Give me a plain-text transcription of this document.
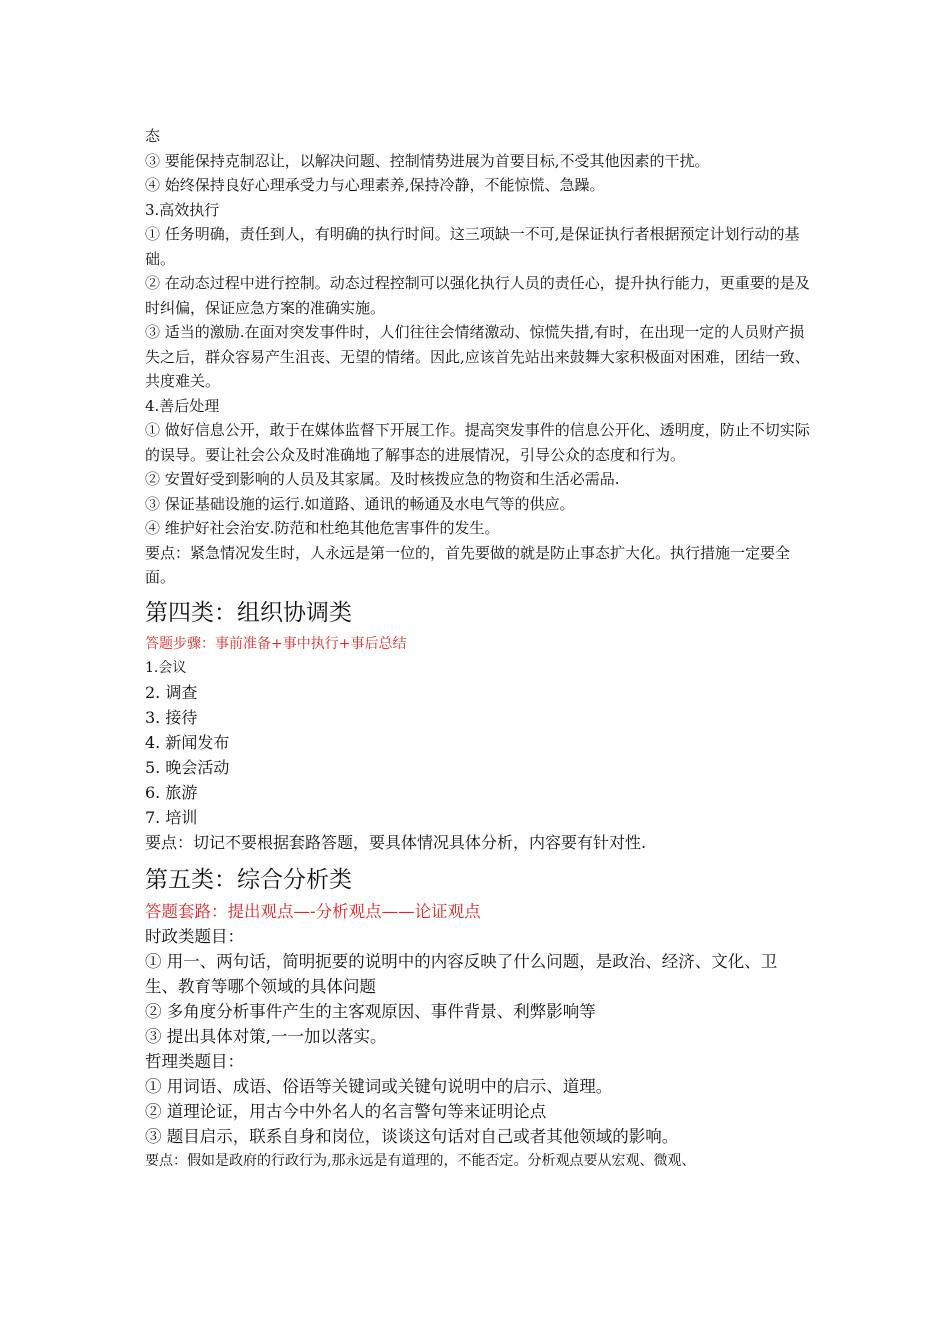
态

③ 要能保持克制忍让，以解决问题、控制情势进展为首要目标,不受其他因素的干扰。

④ 始终保持良好心理承受力与心理素养,保持冷静，不能惊慌、急躁。

3.高效执行

① 任务明确，责任到人，有明确的执行时间。这三项缺一不可,是保证执行者根据预定计划行动的基础。

② 在动态过程中进行控制。动态过程控制可以强化执行人员的责任心，提升执行能力，更重要的是及时纠偏，保证应急方案的准确实施。

③ 适当的激励.在面对突发事件时，人们往往会情绪激动、惊慌失措,有时，在出现一定的人员财产损失之后，群众容易产生沮丧、无望的情绪。因此,应该首先站出来鼓舞大家积极面对困难，团结一致、共度难关。

4.善后处理

① 做好信息公开，敢于在媒体监督下开展工作。提高突发事件的信息公开化、透明度，防止不切实际的误导。要让社会公众及时准确地了解事态的进展情况，引导公众的态度和行为。

② 安置好受到影响的人员及其家属。及时核拨应急的物资和生活必需品.

③ 保证基础设施的运行.如道路、通讯的畅通及水电气等的供应。

④ 维护好社会治安.防范和杜绝其他危害事件的发生。

要点：紧急情况发生时，人永远是第一位的，首先要做的就是防止事态扩大化。执行措施一定要全面。

第四类：组织协调类

答题步骤：事前准备+事中执行+事后总结

1.会议

2. 调查

3. 接待

4. 新闻发布

5. 晚会活动

6. 旅游

7. 培训

要点：切记不要根据套路答题，要具体情况具体分析，内容要有针对性.

第五类：综合分析类

答题套路：提出观点—-分析观点——论证观点

时政类题目：

① 用一、两句话，简明扼要的说明中的内容反映了什么问题，是政治、经济、文化、卫生、教育等哪个领域的具体问题

② 多角度分析事件产生的主客观原因、事件背景、利弊影响等

③ 提出具体对策,一一加以落实。

哲理类题目：

① 用词语、成语、俗语等关键词或关键句说明中的启示、道理。

② 道理论证，用古今中外名人的名言警句等来证明论点

③ 题目启示，联系自身和岗位，谈谈这句话对自己或者其他领域的影响。

要点：假如是政府的行政行为,那永远是有道理的，不能否定。分析观点要从宏观、微观、
